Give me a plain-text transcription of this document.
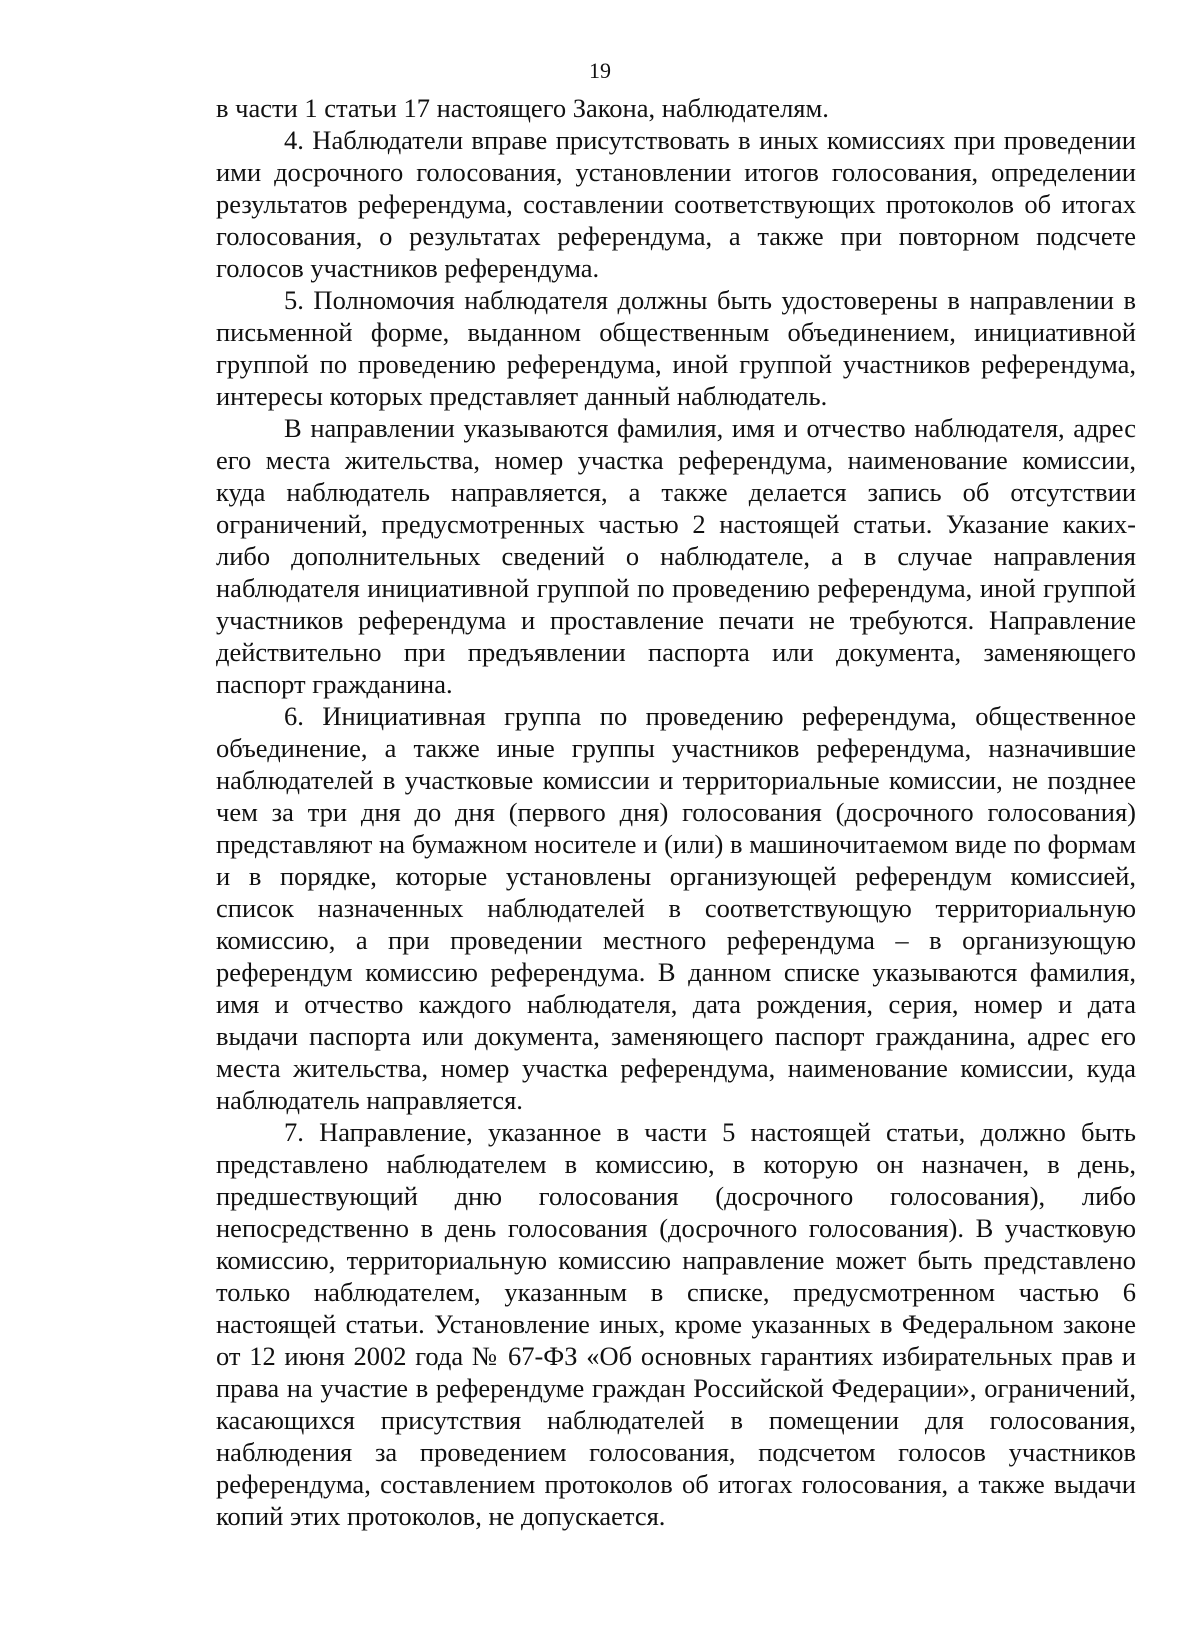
19

в части 1 статьи 17 настоящего Закона, наблюдателям.

4. Наблюдатели вправе присутствовать в иных комиссиях при проведении ими досрочного голосования, установлении итогов голосования, определении результатов референдума, составлении соответствующих протоколов об итогах голосования, о результатах референдума, а также при повторном подсчете голосов участников референдума.

5. Полномочия наблюдателя должны быть удостоверены в направлении в письменной форме, выданном общественным объединением, инициативной группой по проведению референдума, иной группой участников референдума, интересы которых представляет данный наблюдатель.

В направлении указываются фамилия, имя и отчество наблюдателя, адрес его места жительства, номер участка референдума, наименование комиссии, куда наблюдатель направляется, а также делается запись об отсутствии ограничений, предусмотренных частью 2 настоящей статьи. Указание каких-либо дополнительных сведений о наблюдателе, а в случае направления наблюдателя инициативной группой по проведению референдума, иной группой участников референдума и проставление печати не требуются. Направление действительно при предъявлении паспорта или документа, заменяющего паспорт гражданина.

6. Инициативная группа по проведению референдума, общественное объединение, а также иные группы участников референдума, назначившие наблюдателей в участковые комиссии и территориальные комиссии, не позднее чем за три дня до дня (первого дня) голосования (досрочного голосования) представляют на бумажном носителе и (или) в машиночитаемом виде по формам и в порядке, которые установлены организующей референдум комиссией, список назначенных наблюдателей в соответствующую территориальную комиссию, а при проведении местного референдума – в организующую референдум комиссию референдума. В данном списке указываются фамилия, имя и отчество каждого наблюдателя, дата рождения, серия, номер и дата выдачи паспорта или документа, заменяющего паспорт гражданина, адрес его места жительства, номер участка референдума, наименование комиссии, куда наблюдатель направляется.

7. Направление, указанное в части 5 настоящей статьи, должно быть представлено наблюдателем в комиссию, в которую он назначен, в день, предшествующий дню голосования (досрочного голосования), либо непосредственно в день голосования (досрочного голосования). В участковую комиссию, территориальную комиссию направление может быть представлено только наблюдателем, указанным в списке, предусмотренном частью 6 настоящей статьи. Установление иных, кроме указанных в Федеральном законе от 12 июня 2002 года № 67-ФЗ «Об основных гарантиях избирательных прав и права на участие в референдуме граждан Российской Федерации», ограничений, касающихся присутствия наблюдателей в помещении для голосования, наблюдения за проведением голосования, подсчетом голосов участников референдума, составлением протоколов об итогах голосования, а также выдачи копий этих протоколов, не допускается.
